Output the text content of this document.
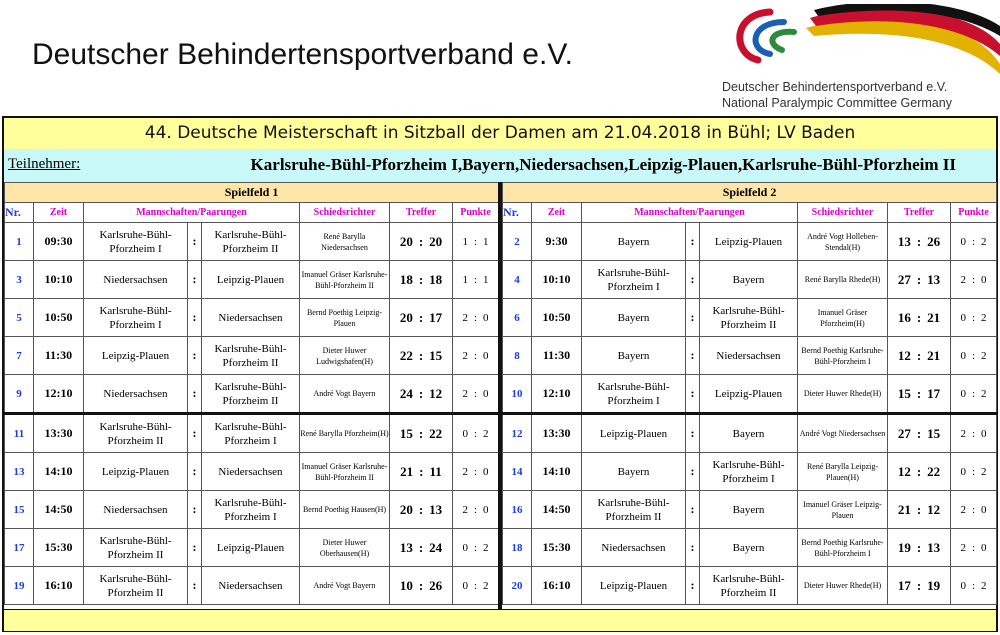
Deutscher Behindertensportverband e.V.
Deutscher Behindertensportverband e.V.
National Paralympic Committee Germany
44. Deutsche Meisterschaft in Sitzball der Damen am 21.04.2018 in Bühl; LV Baden
Teilnehmer:	Karlsruhe-Bühl-Pforzheim I,Bayern,Niedersachsen,Leipzig-Plauen,Karlsruhe-Bühl-Pforzheim II
Spielfeld 1							
Nr.	Zeit	Mannschaften/Paarungen			Schiedsrichter	Treffer	Punkte
1	09:30	Karlsruhe-Bühl-Pforzheim I	:	Karlsruhe-Bühl-Pforzheim II	René Barylla Niedersachsen	20 : 20	1 : 1
3	10:10	Niedersachsen	:	Leipzig-Plauen	Imanuel Gräser Karlsruhe-Bühl-Pforzheim II	18 : 18	1 : 1
5	10:50	Karlsruhe-Bühl-Pforzheim I	:	Niedersachsen	Bernd Poethig Leipzig-Plauen	20 : 17	2 : 0
7	11:30	Leipzig-Plauen	:	Karlsruhe-Bühl-Pforzheim II	Dieter Huwer Ludwigshafen(H)	22 : 15	2 : 0
9	12:10	Niedersachsen	:	Karlsruhe-Bühl-Pforzheim II	André Vogt Bayern	24 : 12	2 : 0
11	13:30	Karlsruhe-Bühl-Pforzheim II	:	Karlsruhe-Bühl-Pforzheim I	René Barylla Pforzheim(H)	15 : 22	0 : 2
13	14:10	Leipzig-Plauen	:	Niedersachsen	Imanuel Gräser Karlsruhe-Bühl-Pforzheim II	21 : 11	2 : 0
15	14:50	Niedersachsen	:	Karlsruhe-Bühl-Pforzheim I	Bernd Poethig Hausen(H)	20 : 13	2 : 0
17	15:30	Karlsruhe-Bühl-Pforzheim II	:	Leipzig-Plauen	Dieter Huwer Oberhausen(H)	13 : 24	0 : 2
19	16:10	Karlsruhe-Bühl-Pforzheim II	:	Niedersachsen	André Vogt Bayern	10 : 26	0 : 2
Spielfeld 2							
Nr.	Zeit	Mannschaften/Paarungen			Schiedsrichter	Treffer	Punkte
2	9:30	Bayern	:	Leipzig-Plauen	André Vogt Holleben-Stendal(H)	13 : 26	0 : 2
4	10:10	Karlsruhe-Bühl-Pforzheim I	:	Bayern	René Barylla Rhede(H)	27 : 13	2 : 0
6	10:50	Bayern	:	Karlsruhe-Bühl-Pforzheim II	Imanuel Gräser Pforzheim(H)	16 : 21	0 : 2
8	11:30	Bayern	:	Niedersachsen	Bernd Poethig Karlsruhe-Bühl-Pforzheim I	12 : 21	0 : 2
10	12:10	Karlsruhe-Bühl-Pforzheim I	:	Leipzig-Plauen	Dieter Huwer Rhede(H)	15 : 17	0 : 2
12	13:30	Leipzig-Plauen	:	Bayern	André Vogt Niedersachsen	27 : 15	2 : 0
14	14:10	Bayern	:	Karlsruhe-Bühl-Pforzheim I	René Barylla Leipzig-Plauen(H)	12 : 22	0 : 2
16	14:50	Karlsruhe-Bühl-Pforzheim II	:	Bayern	Imanuel Gräser Leipzig-Plauen	21 : 12	2 : 0
18	15:30	Niedersachsen	:	Bayern	Bernd Poethig Karlsruhe-Bühl-Pforzheim I	19 : 13	2 : 0
20	16:10	Leipzig-Plauen	:	Karlsruhe-Bühl-Pforzheim II	Dieter Huwer Rhede(H)	17 : 19	0 : 2
